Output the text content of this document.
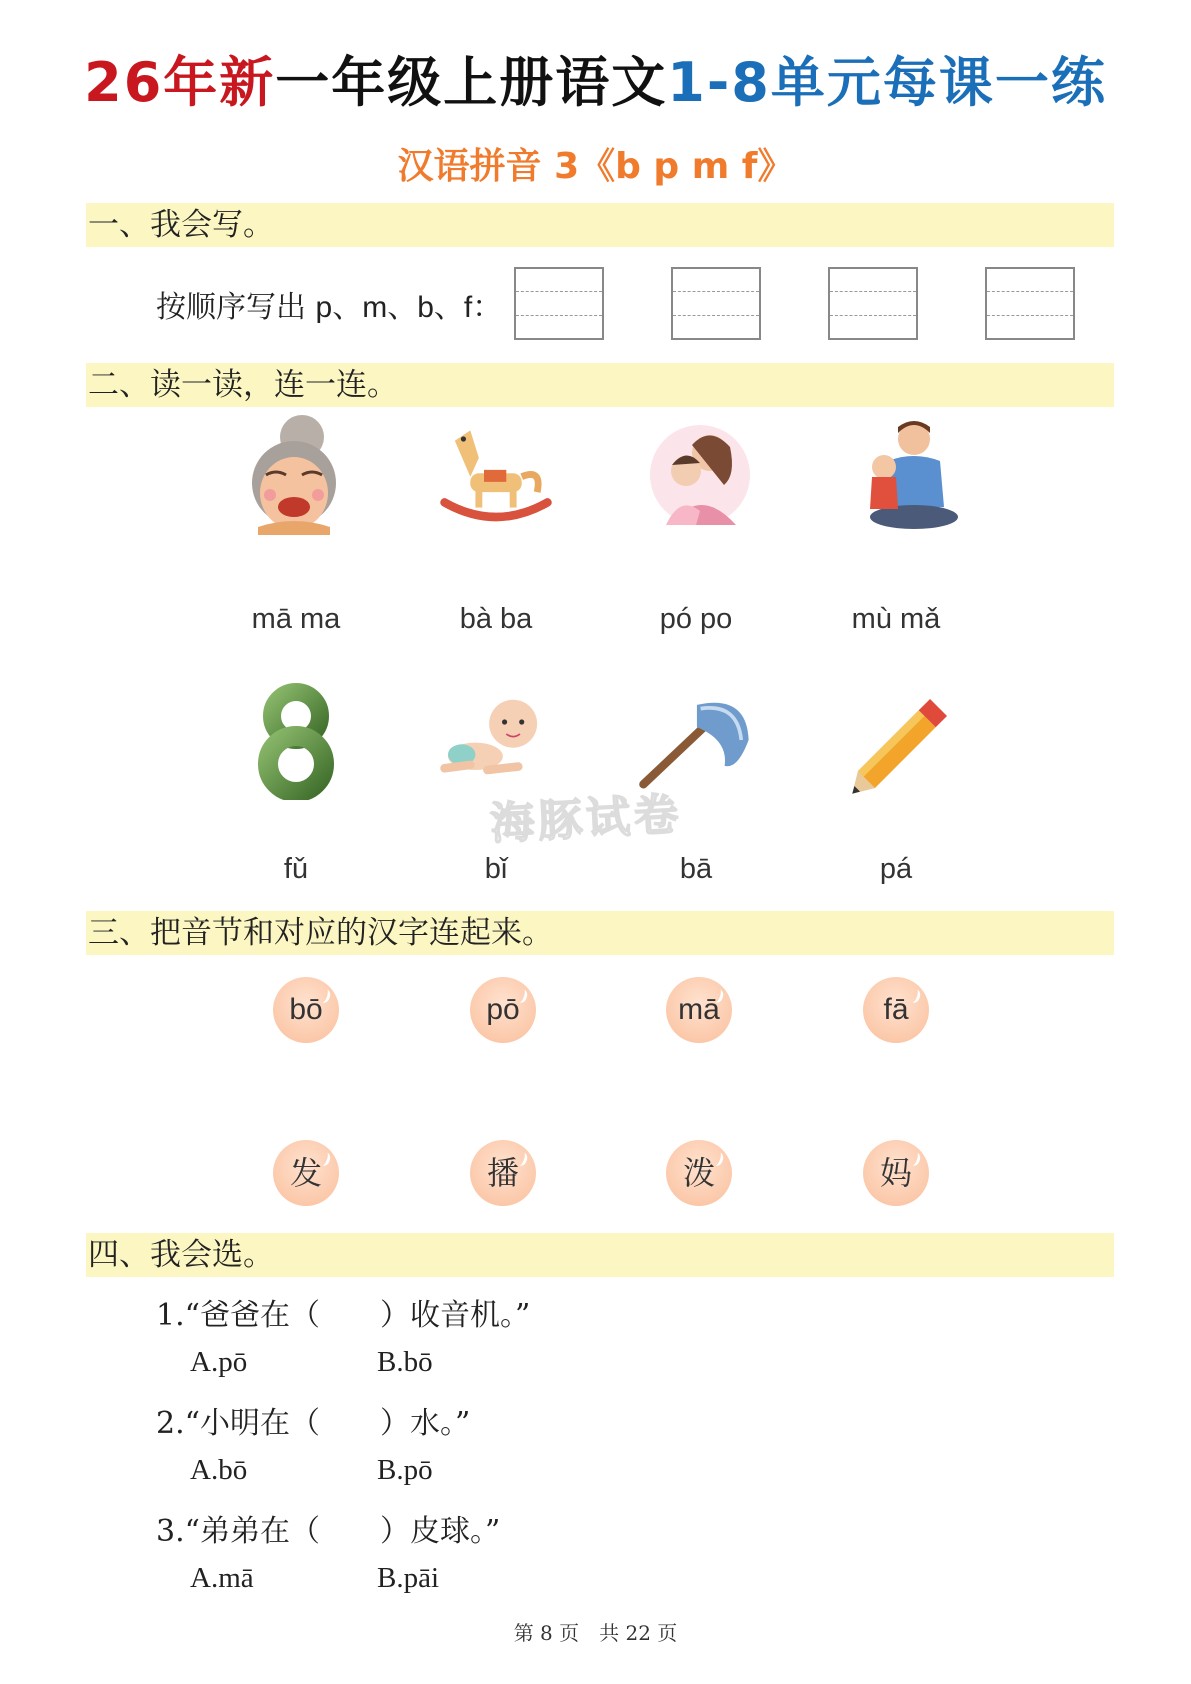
26年新一年级上册语文1-8单元每课一练
汉语拼音 3《b p m f》
一、我会写。
按顺序写出 p、m、b、f：
二、读一读，连一连。
mā ma	bà ba	pó po	mù mǎ
fǔ	bǐ	bā	pá
海豚试卷
三、把音节和对应的汉字连起来。
bō	pō	mā	fā
发	播	泼	妈
四、我会选。
1.“爸爸在（　　）收音机。”
A.pō	B.bō
2.“小明在（　　）水。”
A.bō	B.pō
3.“弟弟在（　　）皮球。”
A.mā	B.pāi
第 8 页　共 22 页
